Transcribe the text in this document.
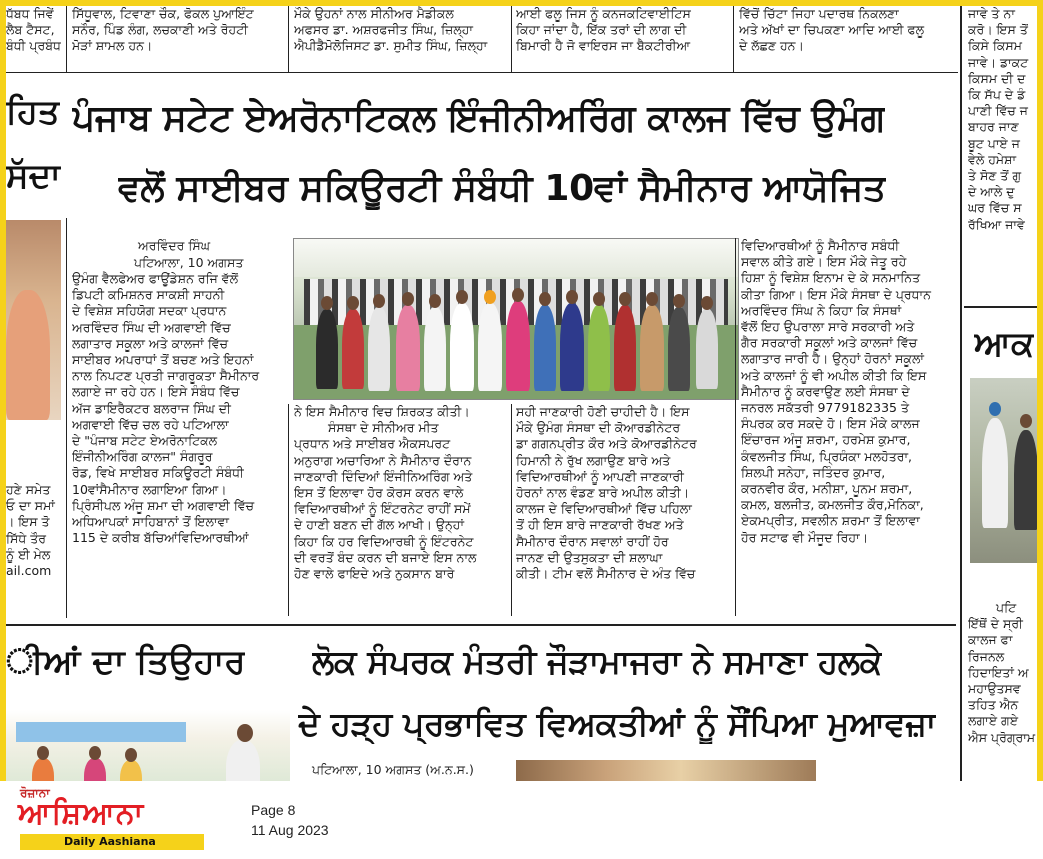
ਧੱਬਧ ਜਿਵੇਂ

ਲੈਬ ਟੈਸਟ,

ਬੰਧੀ ਪ੍ਰਬੰਧ

ਸਿੱਧੂਵਾਲ, ਟਿਵਾਣਾ ਚੌਕ, ਫੋਕਲ ਪੁਆਇੰਟ

ਸਨੌਰ, ਪਿੰਡ ਲੰਗ, ਲਚਕਾਣੀ ਅਤੇ ਰੋਹਟੀ

ਮੋੜਾਂ ਸ਼ਾਮਲ ਹਨ।

ਮੌਕੇ ਉਹਨਾਂ ਨਾਲ ਸੀਨੀਅਰ ਮੈਡੀਕਲ

ਅਫਸਰ ਡਾ. ਅਸ਼ਰਫਜੀਤ ਸਿੰਘ, ਜ਼ਿਲ੍ਹਾ

ਐਪੀਡੈਮੋਲੋਜਿਸਟ ਡਾ. ਸੁਮੀਤ ਸਿੰਘ, ਜ਼ਿਲ੍ਹਾ

ਆਈ ਫਲੂ ਜਿਸ ਨੂੰ ਕਨਜਕਟਿਵਾਈਟਿਸ

ਕਿਹਾ ਜਾਂਦਾ ਹੈ, ਇੱਕ ਤਰਾਂ ਦੀ ਲਾਗ ਦੀ

ਬਿਮਾਰੀ ਹੈ ਜੋ ਵਾਇਰਸ ਜਾ ਬੈਕਟੀਰੀਆ

ਵਿੱਚੋਂ ਚਿੱਟਾ ਜਿਹਾ ਪਦਾਰਥ ਨਿਕਲਣਾ

ਅਤੇ ਅੱਖਾਂ ਦਾ ਚਿਪਕਣਾ ਆਦਿ ਆਈ ਫਲੂ

ਦੇ ਲੱਛਣ ਹਨ।

ਜਾਵੇ ਤੇ ਨਾ

ਕਰੋ। ਇਸ ਤੋਂ

ਕਿਸੇ ਕਿਸਮ

ਜਾਵੇ। ਡਾਕਟ

ਕਿਸਮ ਦੀ ਦ

ਕਿ ਸੱਪ ਦੇ ਡੰ

ਪਾਣੀ ਵਿੱਚ ਜ

ਬਾਹਰ ਜਾਣ

ਬੂਟ ਪਾਏ ਜ

ਵੇਲੇ ਹਮੇਸ਼ਾ

ਤੇ ਸੋਣ ਤੋਂ ਗੁ

ਦੇ ਆਲੇ ਦੁ

ਘਰ ਵਿੱਚ ਸ

ਰੱਖਿਆ ਜਾਵੇ

ਆਕ

ਪਟਿ

ਇੱਥੋਂ ਦੇ ਸ੍ਰੀ

ਕਾਲਜ ਫਾ

ਰਿਜਨਲ

ਹਿਦਾਇਤਾਂ ਅ

ਮਹਾਉਤਸਵ

ਤਹਿਤ ਐਨ

ਲਗਾਏ ਗਏ

ਐਸ ਪ੍ਰੋਗ੍ਰਾਮ

ਹਿਤ
ਸੱਦਾ

ਹਣੇ ਸਮੇਤ

ਓ ਦਾ ਸਮਾਂ

। ਇਸ ਤੋ

ਸਿੱਧੇ ਤੌਰ

ਨੂੰ ਈ ਮੇਲ

ail.com

ੀਆਂ ਦਾ ਤਿਉਹਾਰ
ਪੰਜਾਬ ਸਟੇਟ ਏਅਰੋਨਾਟਿਕਲ ਇੰਜੀਨੀਅਰਿੰਗ ਕਾਲਜ ਵਿੱਚ ਉਮੰਗ
ਵਲੋਂ ਸਾਈਬਰ ਸਕਿਊਰਟੀ ਸੰਬੰਧੀ 10ਵਾਂ ਸੈਮੀਨਾਰ ਆਯੋਜਿਤ
ਅਰਵਿੰਦਰ ਸਿੰਘ
ਪਟਿਆਲਾ, 10 ਅਗਸਤ

ਉਮੰਗ ਵੈਲਫੇਅਰ ਫਾਊਂਡੇਸ਼ਨ ਰਜਿ ਵੱਲੋਂ

ਡਿਪਟੀ ਕਮਿਸ਼ਨਰ ਸਾਕਸ਼ੀ ਸਾਹਨੀ

ਦੇ ਵਿਸ਼ੇਸ਼ ਸਹਿਯੋਗ ਸਦਕਾ ਪ੍ਰਧਾਨ

ਅਰਵਿੰਦਰ ਸਿੰਘ ਦੀ ਅਗਵਾਈ ਵਿੱਚ

ਲਗਾਤਾਰ ਸਕੂਲਾ ਅਤੇ ਕਾਲਜਾਂ ਵਿੱਚ

ਸਾਈਬਰ ਅਪਰਾਧਾਂ ਤੋਂ ਬਚਣ ਅਤੇ ਇਹਨਾਂ

ਨਾਲ ਨਿਪਟਣ ਪ੍ਰਤੀ ਜਾਗਰੂਕਤਾ ਸੈਮੀਨਾਰ

ਲਗਾਏ ਜਾ ਰਹੇ ਹਨ। ਇਸੇ ਸੰਬੰਧ ਵਿੱਚ

ਅੱਜ ਡਾਇਰੈਕਟਰ ਬਲਰਾਜ ਸਿੰਘ ਦੀ

ਅਗਵਾਈ ਵਿੱਚ ਚਲ ਰਹੇ ਪਟਿਆਲਾ

ਦੇ "ਪੰਜਾਬ ਸਟੇਟ ਏਅਰੋਨਾਟਿਕਲ

ਇੰਜੀਨੀਅਰਿੰਗ ਕਾਲਜ" ਸੰਗਰੂਰ

ਰੋਡ, ਵਿਖੇ ਸਾਈਬਰ ਸਕਿਊਰਟੀ ਸੰਬੰਧੀ

10ਵਾਂਸੈਮੀਨਾਰ ਲਗਾਇਆ ਗਿਆ।

ਪ੍ਰਿੰਸੀਪਲ ਅੰਜੂ ਸ਼ਮਾ ਦੀ ਅਗਵਾਈ ਵਿੱਚ

ਅਧਿਆਪਕਾਂ ਸਾਹਿਬਾਨਾਂ ਤੋਂ ਇਲਾਵਾ

115 ਦੇ ਕਰੀਬ ਬੱਚਿਆਂਵਿਦਿਆਰਥੀਆਂ

ਨੇ ਇਸ ਸੈਮੀਨਾਰ ਵਿਚ ਸ਼ਿਰਕਤ ਕੀਤੀ।

ਸੰਸਥਾ ਦੇ ਸੀਨੀਅਰ ਮੀਤ

ਪ੍ਰਧਾਨ ਅਤੇ ਸਾਈਬਰ ਐਕਸਪਰਟ

ਅਨੁਰਾਗ ਅਚਾਰਿਆ ਨੇ ਸੈਮੀਨਾਰ ਦੌਰਾਨ

ਜਾਣਕਾਰੀ ਦਿੰਦਿਆਂ ਇੰਜੀਨਿਅਰਿੰਗ ਅਤੇ

ਇਸ ਤੋਂ ਇਲਾਵਾ ਹੋਰ ਕੋਰਸ ਕਰਨ ਵਾਲੇ

ਵਿਦਿਆਰਥੀਆਂ ਨੂੰ ਇੰਟਰਨੇਟ ਰਾਹੀਂ ਸਮੇਂ

ਦੇ ਹਾਣੀ ਬਣਨ ਦੀ ਗੱਲ ਆਖੀ। ਉਨ੍ਹਾਂ

ਕਿਹਾ ਕਿ ਹਰ ਵਿਦਿਆਰਥੀ ਨੂੰ ਇੰਟਰਨੇਟ

ਦੀ ਵਰਤੋਂ ਬੰਦ ਕਰਨ ਦੀ ਬਜਾਏ ਇਸ ਨਾਲ

ਹੋਣ ਵਾਲੇ ਫਾਇਦੇ ਅਤੇ ਨੁਕਸਾਨ ਬਾਰੇ

ਸਹੀ ਜਾਣਕਾਰੀ ਹੋਣੀ ਚਾਹੀਦੀ ਹੈ। ਇਸ

ਮੌਕੇ ਉਮੰਗ ਸੰਸਥਾ ਦੀ ਕੋਆਰਡੀਨੇਟਰ

ਡਾ ਗਗਨਪ੍ਰੀਤ ਕੌਰ ਅਤੇ ਕੋਆਰਡੀਨੇਟਰ

ਹਿਮਾਨੀ ਨੇ ਰੁੱਖ ਲਗਾਉਣ ਬਾਰੇ ਅਤੇ

ਵਿਦਿਆਰਥੀਆਂ ਨੂੰ ਆਪਣੀ ਜਾਣਕਾਰੀ

ਹੋਰਨਾਂ ਨਾਲ ਵੰਡਣ ਬਾਰੇ ਅਪੀਲ ਕੀਤੀ।

ਕਾਲਜ ਦੇ ਵਿਦਿਆਰਥੀਆਂ ਵਿੱਚ ਪਹਿਲਾ

ਤੋਂ ਹੀ ਇਸ ਬਾਰੇ ਜਾਣਕਾਰੀ ਰੱਖਣ ਅਤੇ

ਸੈਮੀਨਾਰ ਦੌਰਾਨ ਸਵਾਲਾਂ ਰਾਹੀਂ ਹੋਰ

ਜਾਨਣ ਦੀ ਉਤਸੁਕਤਾ ਦੀ ਸ਼ਲਾਘਾ

ਕੀਤੀ। ਟੀਮ ਵਲੋਂ ਸੈਮੀਨਾਰ ਦੇ ਅੰਤ ਵਿੱਚ

ਵਿਦਿਆਰਥੀਆਂ ਨੂੰ ਸੈਮੀਨਾਰ ਸਬੰਧੀ

ਸਵਾਲ ਕੀਤੇ ਗਏ। ਇਸ ਮੌਕੇ ਜੇਤੂ ਰਹੇ

ਹਿਸ਼ਾ ਨੂੰ ਵਿਸ਼ੇਸ਼ ਇਨਾਮ ਦੇ ਕੇ ਸਨਮਾਨਿਤ

ਕੀਤਾ ਗਿਆ। ਇਸ ਮੌਕੇ ਸੰਸਥਾ ਦੇ ਪ੍ਰਧਾਨ

ਅਰਵਿੰਦਰ ਸਿੰਘ ਨੇ ਕਿਹਾ ਕਿ ਸੰਸਥਾਂ

ਵੱਲੋਂ ਇਹ ਉਪਰਾਲਾ ਸਾਰੇ ਸਰਕਾਰੀ ਅਤੇ

ਗੈਰ ਸਰਕਾਰੀ ਸਕੂਲਾਂ ਅਤੇ ਕਾਲਜਾਂ ਵਿੱਚ

ਲਗਾਤਾਰ ਜਾਰੀ ਹੈ। ਉਨ੍ਹਾਂ ਹੋਰਨਾਂ ਸਕੂਲਾਂ

ਅਤੇ ਕਾਲਜਾਂ ਨੂੰ ਵੀ ਅਪੀਲ ਕੀਤੀ ਕਿ ਇਸ

ਸੈਮੀਨਾਰ ਨੂੰ ਕਰਵਾਉਣ ਲਈ ਸੰਸਥਾ ਦੇ

ਜਨਰਲ ਸਕੱਤਰੀ 9779182335 ਤੇ

ਸੰਪਰਕ ਕਰ ਸਕਦੇ ਹੋ। ਇਸ ਮੌਕੇ ਕਾਲਜ

ਇੰਚਾਰਜ ਅੰਜੂ ਸ਼ਰਮਾ, ਹਰਮੇਸ਼ ਕੁਮਾਰ,

ਕੰਵਲਜੀਤ ਸਿੰਘ, ਪ੍ਰਿਯੰਕਾ ਮਲਹੋਤਰਾ,

ਸ਼ਿਲਪੀ ਸਨੇਹਾ, ਜਤਿੰਦਰ ਕੁਮਾਰ,

ਕਰਨਵੀਰ ਕੌਰ, ਮਨੀਸ਼ਾ, ਪੂਨਮ ਸ਼ਰਮਾ,

ਕਮਲ, ਬਲਜੀਤ, ਕਮਲਜੀਤ ਕੌਰ,ਮੋਨਿਕਾ,

ਏਕਮਪ੍ਰੀਤ, ਸਵਲੀਨ ਸ਼ਰਮਾ ਤੋਂ ਇਲਾਵਾ

ਹੋਰ ਸਟਾਫ ਵੀ ਮੌਜੂਦ ਰਿਹਾ।

ਲੋਕ ਸੰਪਰਕ ਮੰਤਰੀ ਜੌੜਾਮਾਜਰਾ ਨੇ ਸਮਾਣਾ ਹਲਕੇ
ਦੇ ਹੜ੍ਹ ਪ੍ਰਭਾਵਿਤ ਵਿਅਕਤੀਆਂ ਨੂੰ ਸੌਂਪਿਆ ਮੁਆਵਜ਼ਾ
ਪਟਿਆਲਾ, 10 ਅਗਸਤ (ਅ.ਨ.ਸ.)
ਰੋਜ਼ਾਨਾ
ਆਸ਼ਿਆਨਾ
Daily Aashiana
Page 8
11 Aug 2023
